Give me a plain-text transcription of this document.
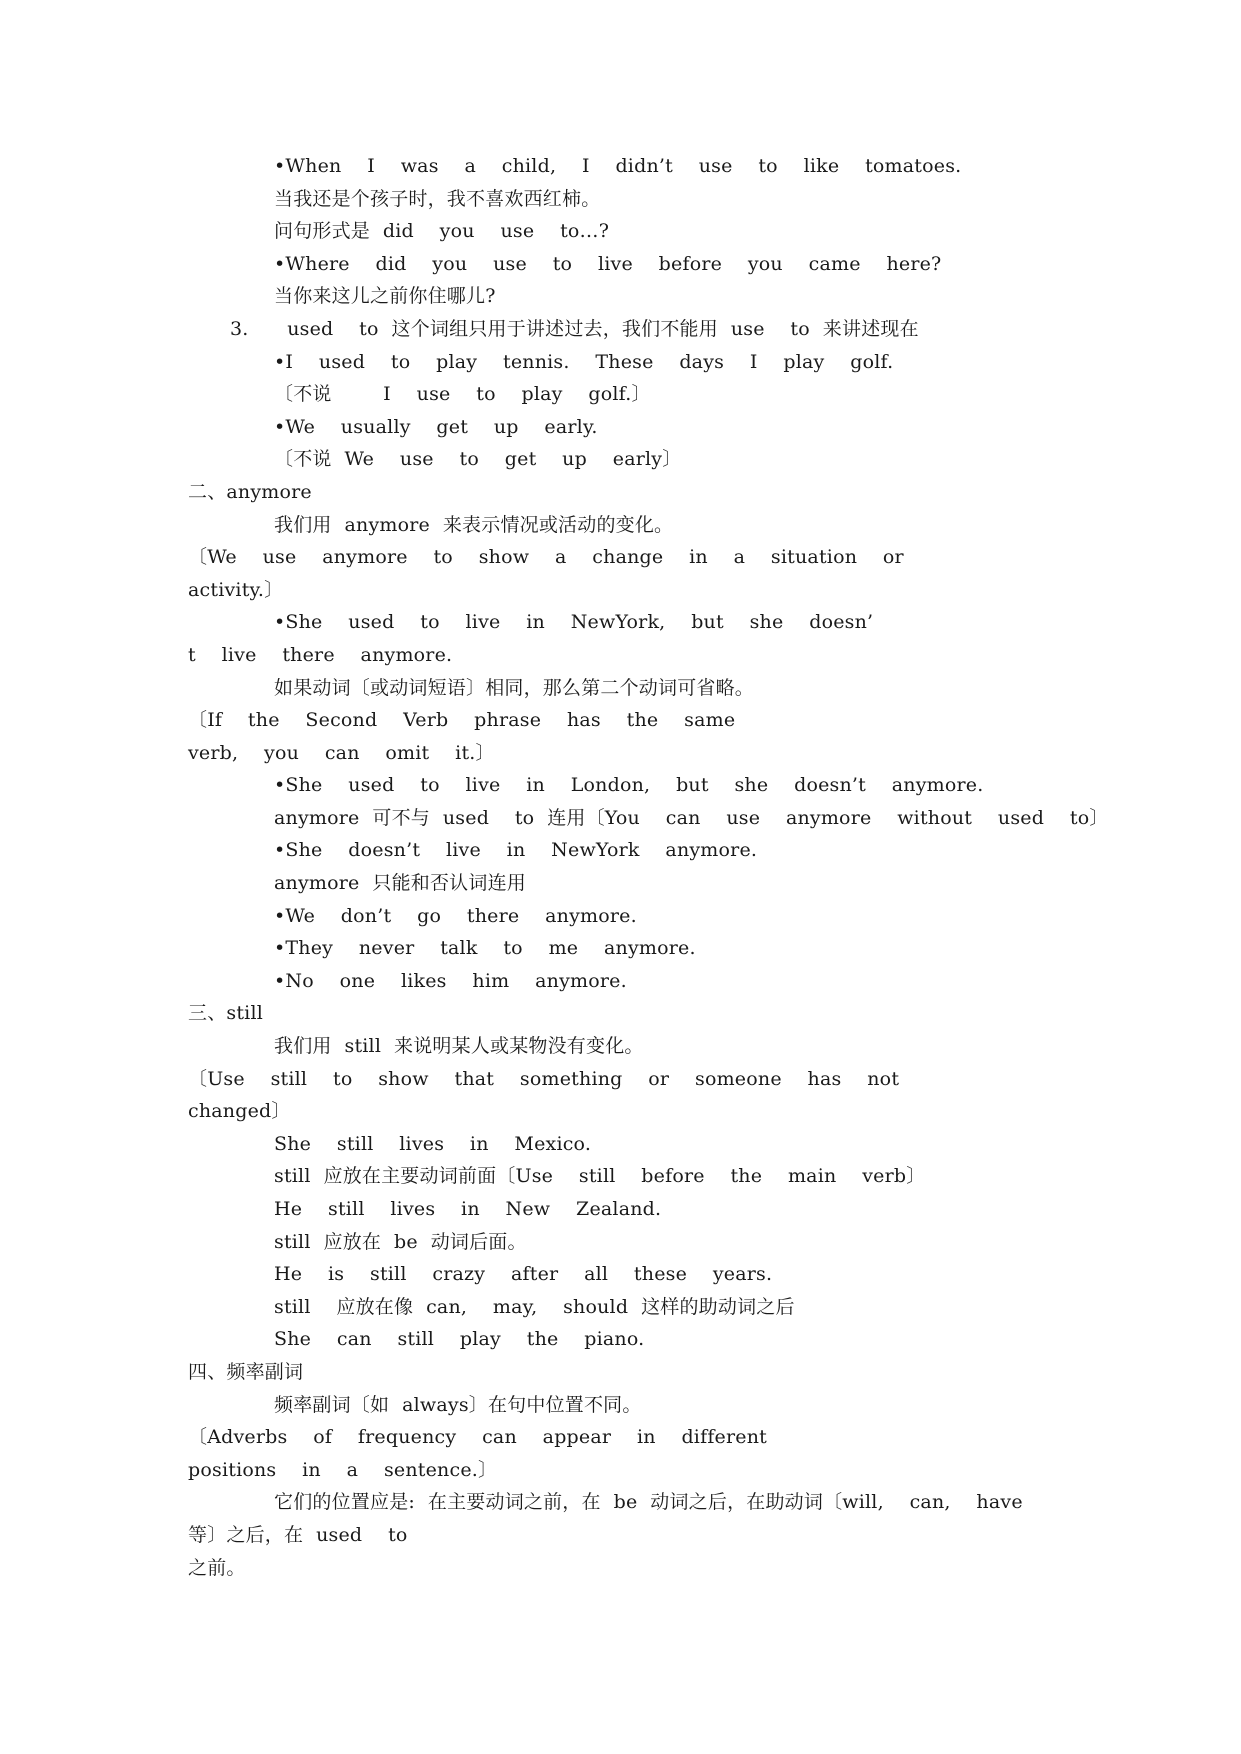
•When  I  was  a  child,  I  didn’t  use  to  like  tomatoes.
当我还是个孩子时，我不喜欢西红柿。
问句形式是 did  you  use  to…?
•Where  did  you  use  to  live  before  you  came  here?
当你来这儿之前你住哪儿?
3.   used  to 这个词组只用于讲述过去，我们不能用 use  to 来讲述现在
•I  used  to  play  tennis.  These  days  I  play  golf.
〔不说    I  use  to  play  golf.〕
•We  usually  get  up  early.
〔不说 We  use  to  get  up  early〕
二、anymore
我们用 anymore 来表示情况或活动的变化。
〔We  use  anymore  to  show  a  change  in  a  situation  or
activity.〕
•She  used  to  live  in  NewYork,  but  she  doesn’
t  live  there  anymore.
如果动词〔或动词短语〕相同，那么第二个动词可省略。
〔If  the  Second  Verb  phrase  has  the  same
verb,  you  can  omit  it.〕
•She  used  to  live  in  London,  but  she  doesn’t  anymore.
anymore 可不与 used  to 连用〔You  can  use  anymore  without  used  to〕
•She  doesn’t  live  in  NewYork  anymore.
anymore 只能和否认词连用
•We  don’t  go  there  anymore.
•They  never  talk  to  me  anymore.
•No  one  likes  him  anymore.
三、still
我们用 still 来说明某人或某物没有变化。
〔Use  still  to  show  that  something  or  someone  has  not
changed〕
She  still  lives  in  Mexico.
still 应放在主要动词前面〔Use  still  before  the  main  verb〕
He  still  lives  in  New  Zealand.
still 应放在 be 动词后面。
He  is  still  crazy  after  all  these  years.
still  应放在像 can,  may,  should 这样的助动词之后
She  can  still  play  the  piano.
四、频率副词
频率副词〔如 always〕在句中位置不同。
〔Adverbs  of  frequency  can  appear  in  different
positions  in  a  sentence.〕
它们的位置应是: 在主要动词之前，在 be 动词之后，在助动词〔will,  can,  have
等〕之后，在 used  to
之前。
